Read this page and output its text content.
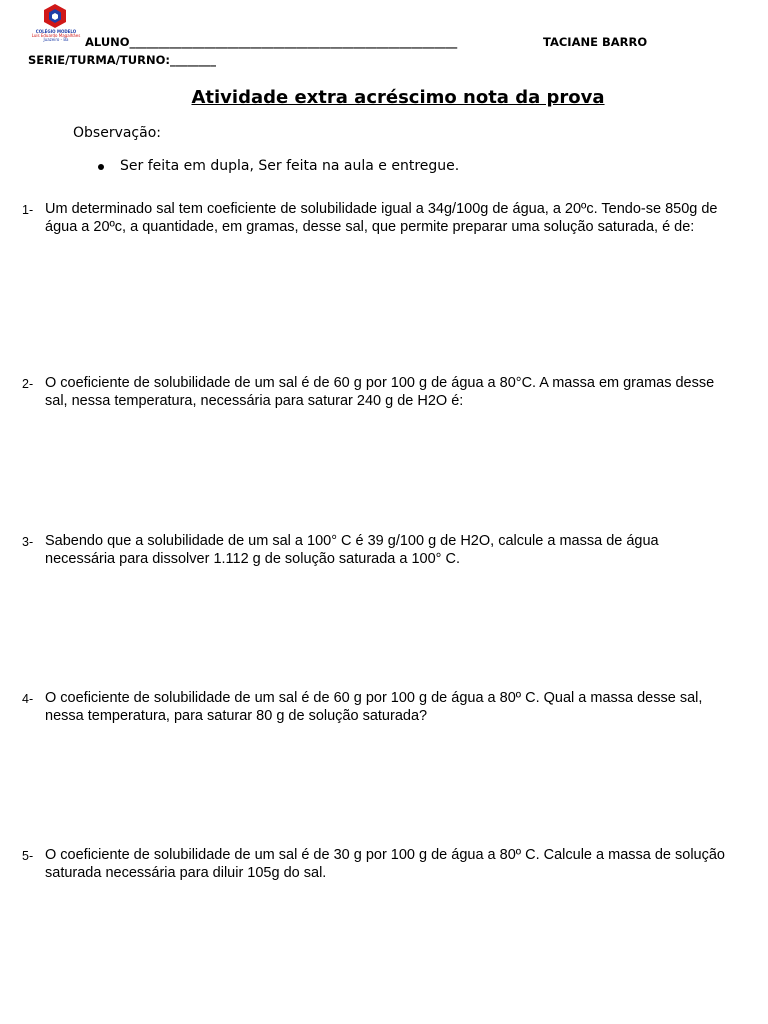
COLÉGIO MODELO
Luís Eduardo Magalhães
Juazeiro - Ba	ALUNO_________________________________________________________	TACIANE BARRO
SERIE/TURMA/TURNO:________
Atividade extra acréscimo nota da prova
Observação:
Ser feita em dupla, Ser feita na aula e entregue.
1- Um determinado sal tem coeficiente de solubilidade igual a 34g/100g de água, a 20ºc. Tendo-se 850g de água a 20ºc, a quantidade, em gramas, desse sal, que permite preparar uma solução saturada, é de:
2- O coeficiente de solubilidade de um sal é de 60 g por 100 g de água a 80°C. A massa em gramas desse sal, nessa temperatura, necessária para saturar 240 g de H2O é:
3- Sabendo que a solubilidade de um sal a 100° C é 39 g/100 g de H2O, calcule a massa de água necessária para dissolver 1.112 g de solução saturada a 100° C.
4- O coeficiente de solubilidade de um sal é de 60 g por 100 g de água a 80º C. Qual a massa desse sal, nessa temperatura, para saturar 80 g de solução saturada?
5- O coeficiente de solubilidade de um sal é de 30 g por 100 g de água a 80º C. Calcule a massa de solução saturada necessária para diluir 105g do sal.
